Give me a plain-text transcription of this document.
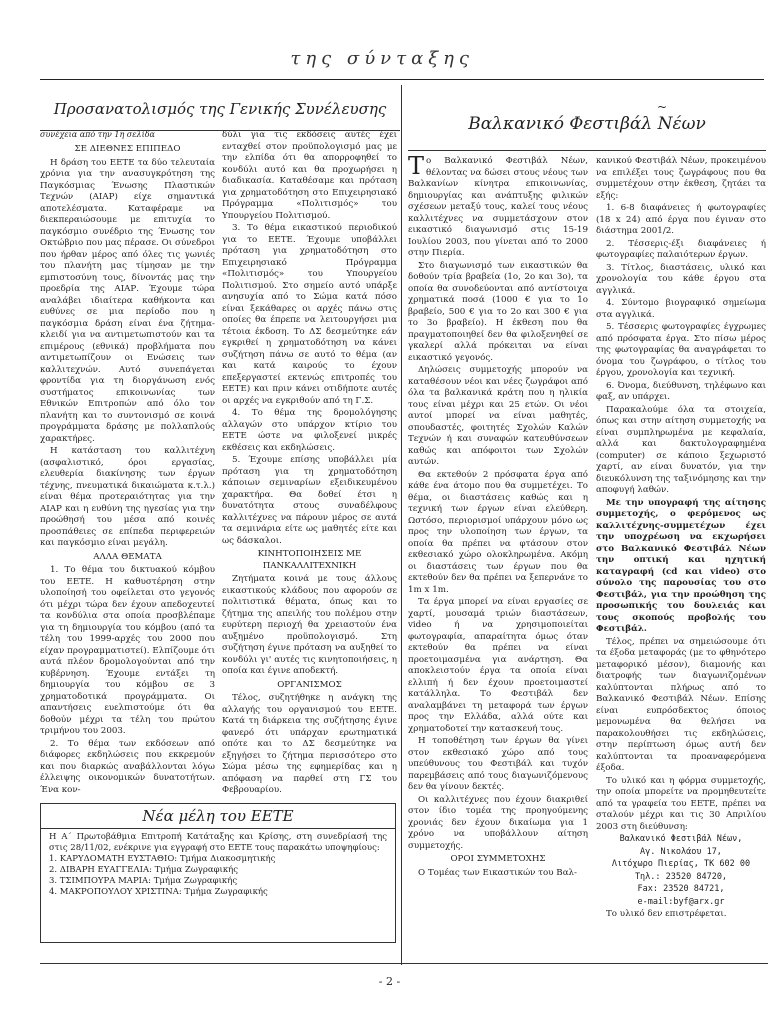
της σύνταξης
Προσανατολισμός της Γενικής Συνέλευσης
συνέχεια από την 1η σελίδα

ΣΕ ΔΙΕΘΝΕΣ ΕΠΙΠΕΔΟ

Η δράση του ΕΕΤΕ τα δύο τελευταία χρόνια για την ανασυγκρότηση της Παγκόσμιας Ένωσης Πλαστικών Τεχνών (ΑΙΑΡ) είχε σημαντικά αποτελέσματα. Καταφέραμε να διεκπεραιώσουμε με επιτυχία το παγκόσμιο συνέδριο της Ένωσης τον Οκτώβριο που μας πέρασε. Οι σύνεδροι που ήρθαν μέρος από όλες τις γωνιές του πλανήτη μας τίμησαν με την εμπιστοσύνη τους, δίνοντάς μας την προεδρία της ΑΙΑΡ. Έχουμε τώρα αναλάβει ιδιαίτερα καθήκοντα και ευθύνες σε μια περίοδο που η παγκόσμια δράση είναι ένα ζήτημα-κλειδί για να αντιμετωπιστούν και τα επιμέρους (εθνικά) προβλήματα που αντιμετωπίζουν οι Ενώσεις των καλλιτεχνών. Αυτό συνεπάγεται φροντίδα για τη διοργάνωση ενός συστήματος επικοινωνίας των Εθνικών Επιτροπών από όλο τον πλανήτη και το συντονισμό σε κοινά προγράμματα δράσης με πολλαπλούς χαρακτήρες.

Η κατάσταση του καλλιτέχνη (ασφαλιστικό, όροι εργασίας, ελευθερία διακίνησης των έργων τέχνης, πνευματικά δικαιώματα κ.τ.λ.) είναι θέμα προτεραιότητας για την ΑΙΑΡ και η ευθύνη της ηγεσίας για την προώθησή του μέσα από κοινές προσπάθειες σε επίπεδα περιφερειών και παγκόσμιο είναι μεγάλη.

ΑΛΛΑ ΘΕΜΑΤΑ

1. Το θέμα του δικτυακού κόμβου του ΕΕΤΕ. Η καθυστέρηση στην υλοποίησή του οφείλεται στο γεγονός ότι μέχρι τώρα δεν έχουν απεδοχευτεί τα κονδύλια στα οποία προσβλέπαμε για τη δημιουργία του κόμβου (από τα τέλη του 1999-αρχές του 2000 που είχαν προγραμματιστεί). Ελπίζουμε ότι αυτά πλέον δρομολογούνται από την κυβέρνηση. Έχουμε εντάξει τη δημιουργία του κόμβου σε 3 χρηματοδοτικά προγράμματα. Οι απαντήσεις ευελπιστούμε ότι θα δοθούν μέχρι τα τέλη του πρώτου τριμήνου του 2003.

2. Το θέμα των εκδόσεων από διάφορες εκδηλώσεις που εκκρεμούν και που διαρκώς αναβάλλονται λόγω έλλειψης οικονομικών δυνατοτήτων. Ένα κον-

δύλι για τις εκδόσεις αυτές έχει ενταχθεί στον προϋπολογισμό μας με την ελπίδα ότι θα απορροφηθεί το κονδύλι αυτό και θα προχωρήσει η διαδικασία. Καταθέσαμε και πρόταση για χρηματοδότηση στο Επιχειρησιακό Πρόγραμμα «Πολιτισμός» του Υπουργείου Πολιτισμού.

3. Το θέμα εικαστικού περιοδικού για το ΕΕΤΕ. Έχουμε υποβάλλει πρόταση για χρηματοδότηση στο Επιχειρησιακό Πρόγραμμα «Πολιτισμός» του Υπουργείου Πολιτισμού. Στο σημείο αυτό υπάρξε ανησυχία από το Σώμα κατά πόσο είναι ξεκάθαρες οι αρχές πάνω στις οποίες θα έπρεπε να λειτουργήσει μια τέτοια έκδοση. Το ΔΣ δεσμεύτηκε εάν εγκριθεί η χρηματοδότηση να κάνει συζήτηση πάνω σε αυτό το θέμα (αν και κατά καιρούς το έχουν επεξεργαστεί εκτενώς επιτροπές του ΕΕΤΕ) και πριν κάνει οτιδήποτε αυτές οι αρχές να εγκριθούν από τη Γ.Σ.

4. Το θέμα της δρομολόγησης αλλαγών στο υπάρχον κτίριο του ΕΕΤΕ ώστε να φιλοξενεί μικρές εκθέσεις και εκδηλώσεις.

5. Έχουμε επίσης υποβάλλει μία πρόταση για τη χρηματοδότηση κάποιων σεμιναρίων εξειδικευμένου χαρακτήρα. Θα δοθεί έτσι η δυνατότητα στους συναδέλφους καλλιτέχνες να πάρουν μέρος σε αυτά τα σεμινάρια είτε ως μαθητές είτε και ως δάσκαλοι.

ΚΙΝΗΤΟΠΟΙΗΣΕΙΣ ΜΕ ΠΑΝΚΑΛΛΙΤΕΧΝΙΚΗ

Ζητήματα κοινά με τους άλλους εικαστικούς κλάδους που αφορούν σε πολιτιστικά θέματα, όπως και το ζήτημα της απειλής του πολέμου στην ευρύτερη περιοχή θα χρειαστούν ένα αυξημένο προϋπολογισμό. Στη συζήτηση έγινε πρόταση να αυξηθεί το κονδύλι γι' αυτές τις κινητοποιήσεις, η οποία και έγινε αποδεκτή.

ΟΡΓΑΝΙΣΜΟΣ

Τέλος, συζητήθηκε η ανάγκη της αλλαγής του οργανισμού του ΕΕΤΕ. Κατά τη διάρκεια της συζήτησης έγινε φανερό ότι υπάρχαν ερωτηματικά οπότε και το ΔΣ δεσμεύτηκε να εξηγήσει το ζήτημα περισσότερο στο Σώμα μέσω της εφημερίδας και η απόφαση να παρθεί στη ΓΣ του Φεβρουαρίου.

Νέα μέλη του ΕΕΤΕ

Η Α΄ Πρωτοβάθμια Επιτροπή Κατάταξης και Κρίσης, στη συνεδρίασή της στις 28/11/02, ενέκρινε για εγγραφή στο ΕΕΤΕ τους παρακάτω υποψηφίους:

1. ΚΑΡΥΔΟΜΑΤΗ ΕΥΣΤΑΘΙΟ: Τμήμα Διακοσμητικής

2. ΔΙΒΑΡΗ ΕΥΑΓΓΕΛΙΑ: Τμήμα Ζωγραφικής

3. ΤΣΙΜΠΟΥΡΑ ΜΑΡΙΑ: Τμήμα Ζωγραφικής

4. ΜΑΚΡΟΠΟΥΛΟΥ ΧΡΙΣΤΙΝΑ: Τμήμα Ζωγραφικής

~
Βαλκανικό Φεστιβάλ Νέων

Το Βαλκανικό Φεστιβάλ Νέων, θέλοντας να δώσει στους νέους των Βαλκανίων κίνητρα επικοινωνίας, δημιουργίας και ανάπτυξης φιλικών σχέσεων μεταξύ τους, καλεί τους νέους καλλιτέχνες να συμμετάσχουν στον εικαστικό διαγωνισμό στις 15-19 Ιουλίου 2003, που γίνεται από το 2000 στην Πιερία.

Στο διαγωνισμό των εικαστικών θα δοθούν τρία βραβεία (1ο, 2ο και 3ο), τα οποία θα συνοδεύονται από αντίστοιχα χρηματικά ποσά (1000 € για το 1ο βραβείο, 500 € για το 2ο και 300 € για το 3ο βραβείο). Η έκθεση που θα πραγματοποιηθεί δεν θα φιλοξενηθεί σε γκαλερί αλλά πρόκειται να είναι εικαστικό γεγονός.

Δηλώσεις συμμετοχής μπορούν να καταθέσουν νέοι και νέες ζωγράφοι από όλα τα βαλκανικά κράτη που η ηλικία τους είναι μέχρι και 25 ετών. Οι νέοι αυτοί μπορεί να είναι μαθητές, σπουδαστές, φοιτητές Σχολών Καλών Τεχνών ή και συναφών κατευθύνσεων καθώς και απόφοιτοι των Σχολών αυτών.

Θα εκτεθούν 2 πρόσφατα έργα από κάθε ένα άτομο που θα συμμετέχει. Το θέμα, οι διαστάσεις καθώς και η τεχνική των έργων είναι ελεύθερη. Ωστόσο, περιορισμοί υπάρχουν μόνο ως προς την υλοποίηση των έργων, τα οποία θα πρέπει να φτάσουν στον εκθεσιακό χώρο ολοκληρωμένα. Ακόμη οι διαστάσεις των έργων που θα εκτεθούν δεν θα πρέπει να ξεπερνάνε το 1m x 1m.

Τα έργα μπορεί να είναι εργασίες σε χαρτί, μουσαμά τριών διαστάσεων, video ή να χρησιμοποιείται φωτογραφία, απαραίτητα όμως όταν εκτεθούν θα πρέπει να είναι προετοιμασμένα για ανάρτηση. Θα αποκλειστούν έργα τα οποία είναι ελλιπή ή δεν έχουν προετοιμαστεί κατάλληλα. Το Φεστιβάλ δεν αναλαμβάνει τη μεταφορά των έργων προς την Ελλάδα, αλλά ούτε και χρηματοδοτεί την κατασκευή τους.

Η τοποθέτηση των έργων θα γίνει στον εκθεσιακό χώρο από τους υπεύθυνους του Φεστιβάλ και τυχόν παρεμβάσεις από τους διαγωνιζόμενους δεν θα γίνουν δεκτές.

Οι καλλιτέχνες που έχουν διακριθεί στον ίδιο τομέα της προηγούμενης χρονιάς δεν έχουν δικαίωμα για 1 χρόνο να υποβάλλουν αίτηση συμμετοχής.

ΟΡΟΙ ΣΥΜΜΕΤΟΧΗΣ

Ο Τομέας των Εικαστικών του Βαλ-

κανικού Φεστιβάλ Νέων, προκειμένου να επιλέξει τους ζωγράφους που θα συμμετέχουν στην έκθεση, ζητάει τα εξής:

1. 6-8 διαφάνειες ή φωτογραφίες (18 x 24) από έργα που έγιναν στο διάστημα 2001/2.

2. Τέσσερις-έξι διαφάνειες ή φωτογραφίες παλαιότερων έργων.

3. Τίτλος, διαστάσεις, υλικό και χρονολογία του κάθε έργου στα αγγλικά.

4. Σύντομο βιογραφικό σημείωμα στα αγγλικά.

5. Τέσσερις φωτογραφίες έγχρωμες από πρόσφατα έργα. Στο πίσω μέρος της φωτογραφίας θα αναγράφεται το όνομα του ζωγράφου, ο τίτλος του έργου, χρονολογία και τεχνική.

6. Όνομα, διεύθυνση, τηλέφωνο και φαξ, αν υπάρχει.

Παρακαλούμε όλα τα στοιχεία, όπως και στην αίτηση συμμετοχής να είναι συμπληρωμένα με κεφαλαία, αλλά και δακτυλογραφημένα (computer) σε κάποιο ξεχωριστό χαρτί, αν είναι δυνατόν, για την διευκόλυνση της ταξινόμησης και την αποφυγή λαθών.

Με την υπογραφή της αίτησης συμμετοχής, ο φερόμενος ως καλλιτέχνης-συμμετέχων έχει την υποχρέωση να εκχωρήσει στο Βαλκανικό Φεστιβάλ Νέων την οπτική και ηχητική καταγραφή (cd και video) στο σύνολο της παρουσίας του στο Φεστιβάλ, για την προώθηση της προσωπικής του δουλειάς και τους σκοπούς προβολής του Φεστιβάλ.

Τέλος, πρέπει να σημειώσουμε ότι τα έξοδα μεταφοράς (με το φθηνότερο μεταφορικό μέσον), διαμονής και διατροφής των διαγωνιζομένων καλύπτονται πλήρως από το Βαλκανικό Φεστιβάλ Νέων. Επίσης είναι ευπρόσδεκτος όποιος μεμονωμένα θα θελήσει να παρακολουθήσει τις εκδηλώσεις, στην περίπτωση όμως αυτή δεν καλύπτονται τα προαναφερόμενα έξοδα.

Το υλικό και η φόρμα συμμετοχής, την οποία μπορείτε να προμηθευτείτε από τα γραφεία του ΕΕΤΕ, πρέπει να σταλούν μέχρι και τις 30 Απριλίου 2003 στη διεύθυνση:

Βαλκανικό Φεστιβάλ Νέων,

Αγ. Νικολάου 17,

Λιτόχωρο Πιερίας, ΤΚ 602 00

Τηλ.: 23520 84720,

Fax: 23520 84721,

e-mail:byf@arx.gr

Το υλικό δεν επιστρέφεται.

- 2 -
